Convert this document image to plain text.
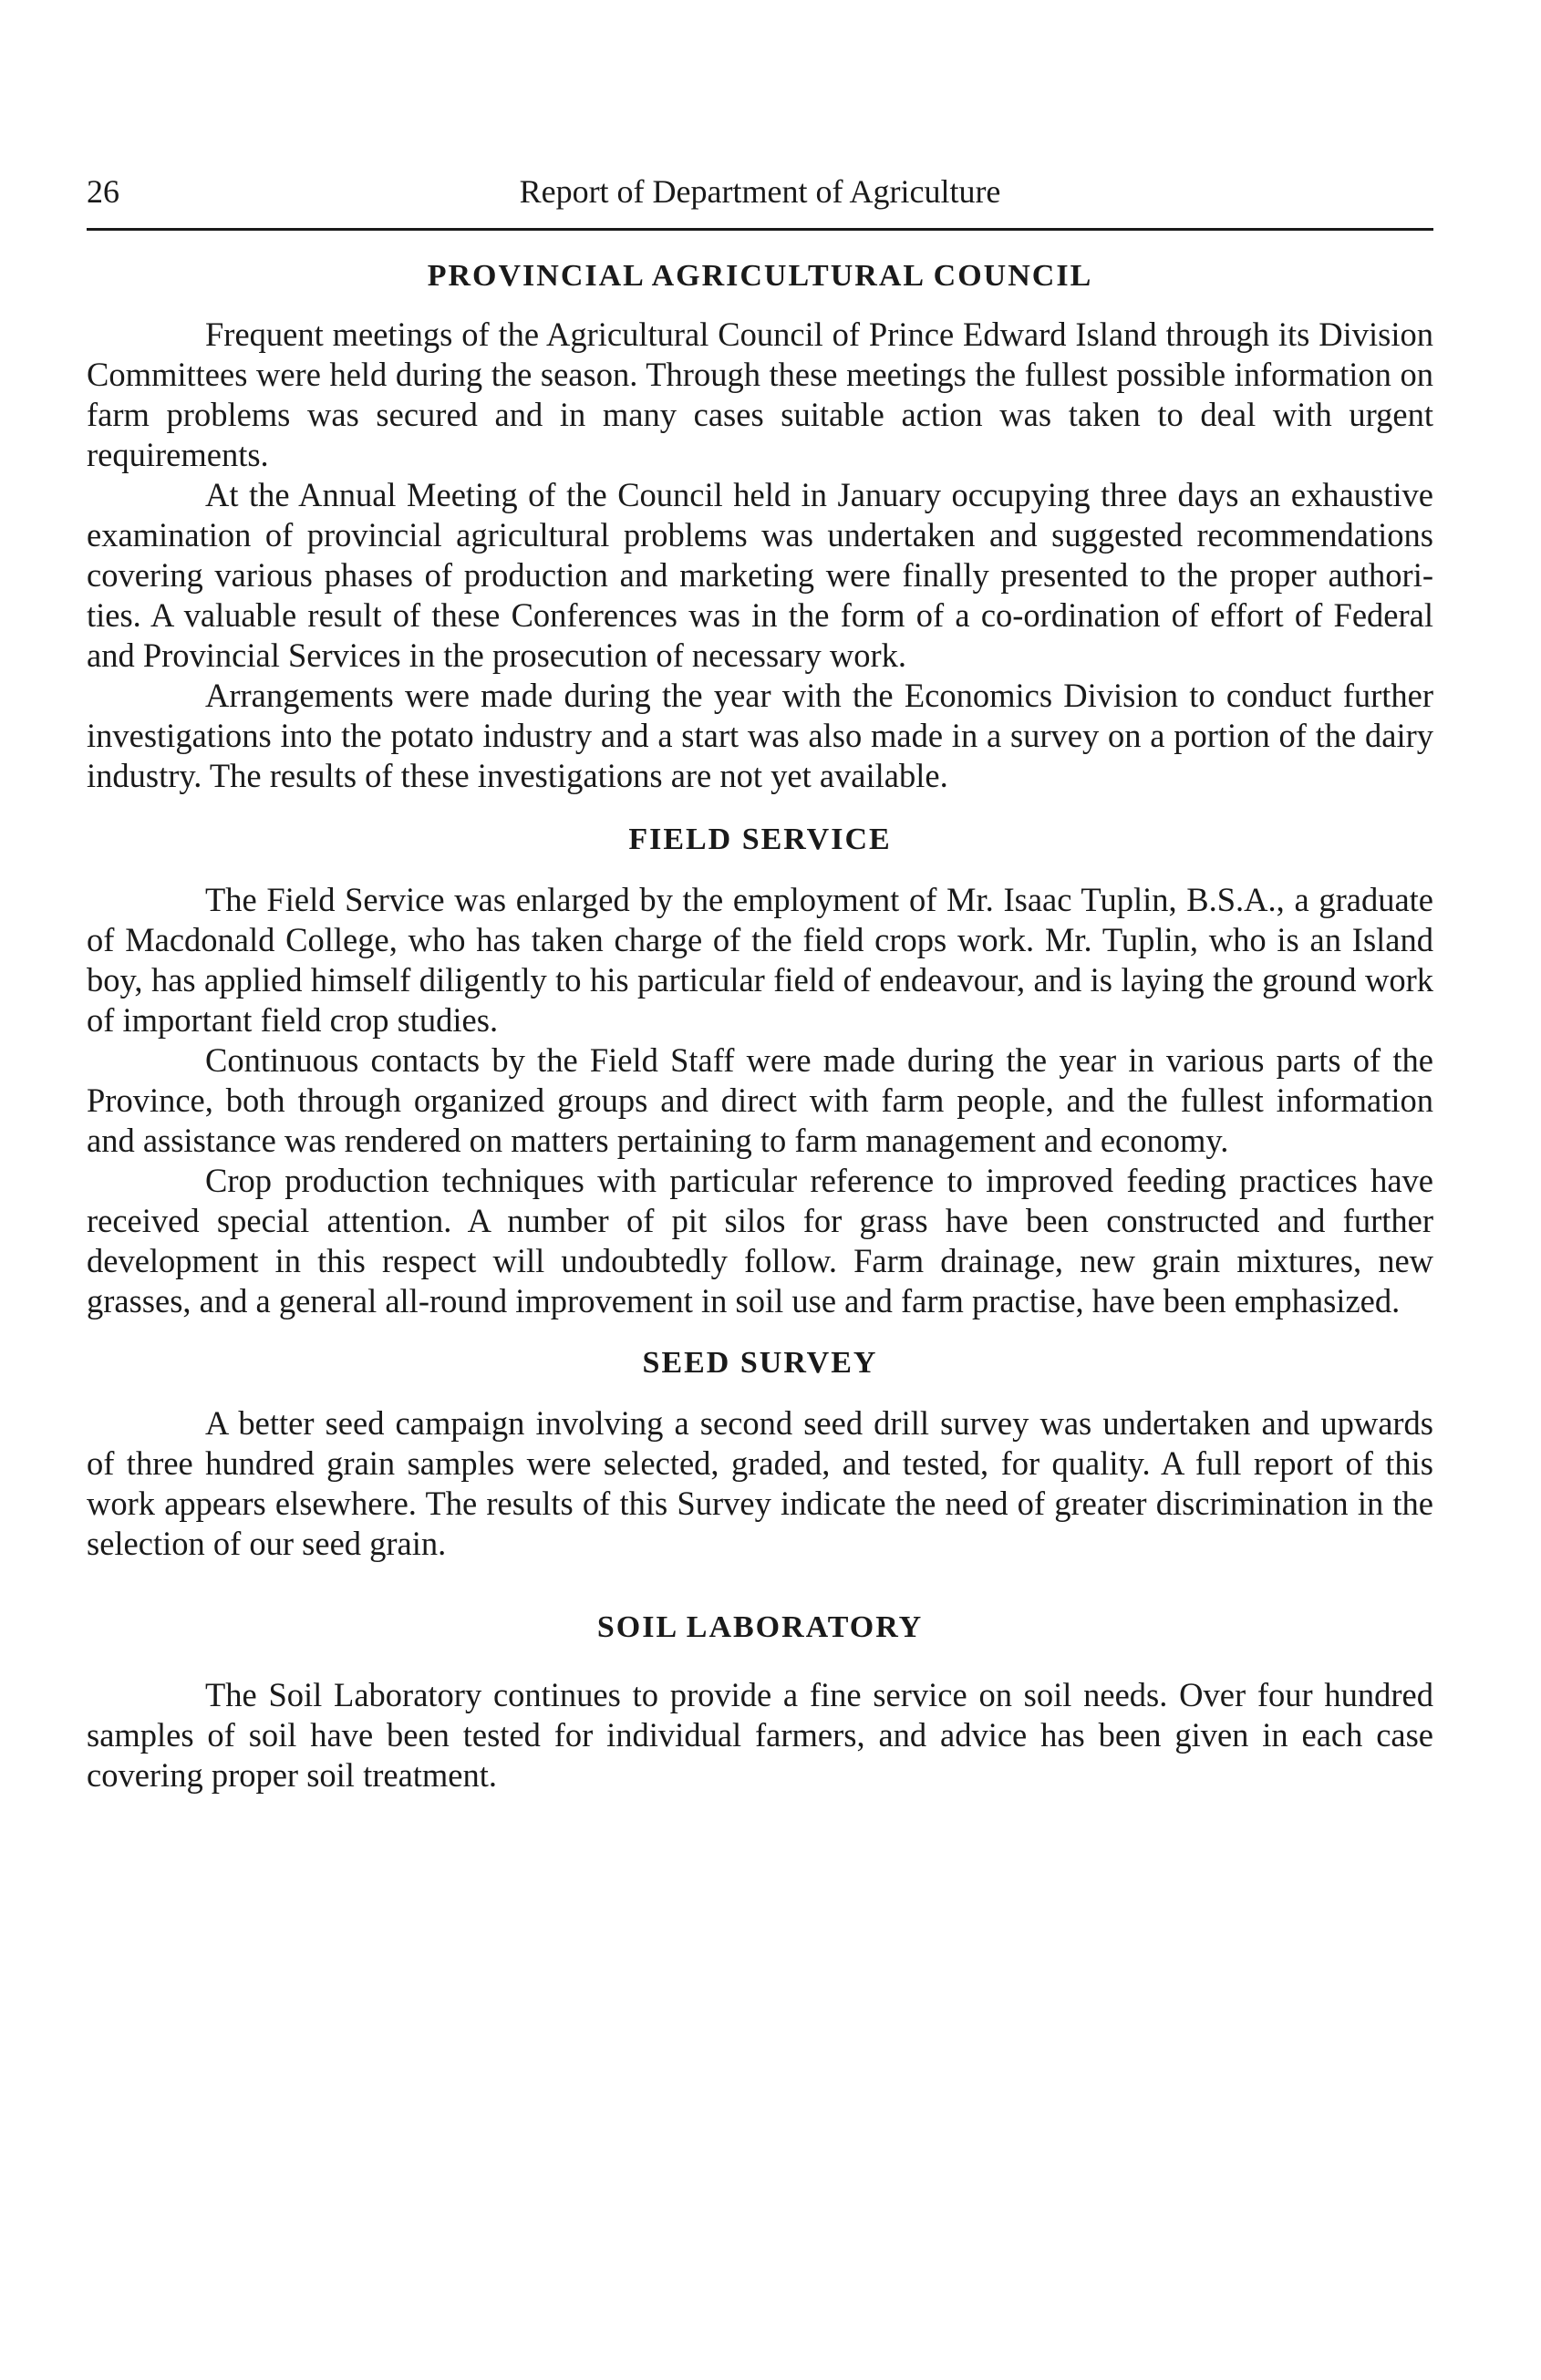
26	Report of Department of Agriculture
PROVINCIAL AGRICULTURAL COUNCIL

Frequent meetings of the Agricultural Council of Prince Edward Island through its Division Committees were held during the season. Through these meetings the fullest possible information on farm problems was secured and in many cases suitable action was taken to deal with urgent requirements.

At the Annual Meeting of the Council held in January occupying three days an exhaustive examination of provincial agricultural problems was undertaken and suggested recommendations covering various phases of production and marketing were finally presented to the proper authorities. A valuable result of these Conferences was in the form of a co-ordination of effort of Federal and Provincial Services in the prosecution of necessary work.

Arrangements were made during the year with the Economics Division to conduct further investigations into the potato industry and a start was also made in a survey on a portion of the dairy industry. The results of these investigations are not yet available.

FIELD SERVICE

The Field Service was enlarged by the employment of Mr. Isaac Tuplin, B.S.A., a graduate of Macdonald College, who has taken charge of the field crops work. Mr. Tuplin, who is an Island boy, has applied himself diligently to his particular field of endeavour, and is laying the ground work of important field crop studies.

Continuous contacts by the Field Staff were made during the year in various parts of the Province, both through organized groups and direct with farm people, and the fullest information and assistance was rendered on matters pertaining to farm management and economy.

Crop production techniques with particular reference to improved feeding practices have received special attention. A number of pit silos for grass have been constructed and further development in this respect will undoubtedly follow. Farm drainage, new grain mixtures, new grasses, and a general all-round improvement in soil use and farm practise, have been emphasized.

SEED SURVEY

A better seed campaign involving a second seed drill survey was undertaken and upwards of three hundred grain samples were selected, graded, and tested, for quality. A full report of this work appears elsewhere. The results of this Survey indicate the need of greater discrimination in the selection of our seed grain.

SOIL LABORATORY

The Soil Laboratory continues to provide a fine service on soil needs. Over four hundred samples of soil have been tested for individual farmers, and advice has been given in each case covering proper soil treatment.
